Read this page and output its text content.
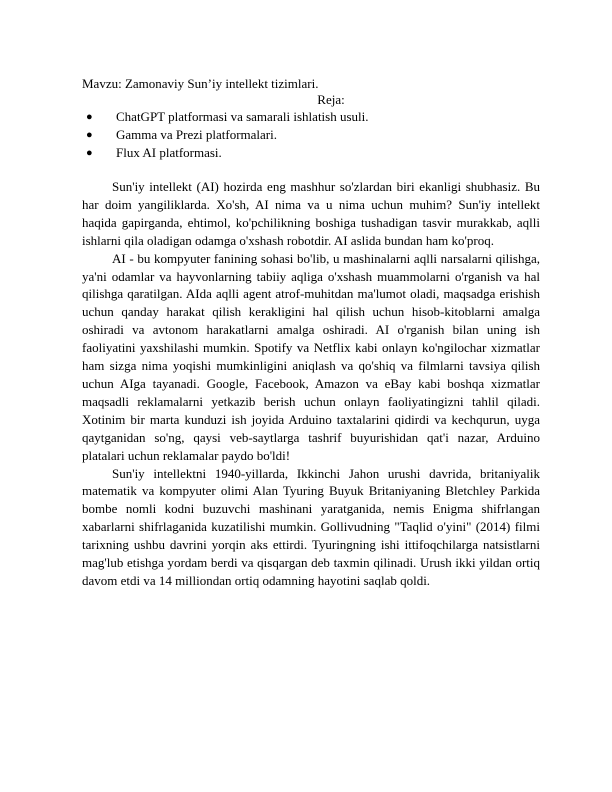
Mavzu: Zamonaviy Sun’iy intellekt tizimlari.

Reja:

● ChatGPT platformasi va samarali ishlatish usuli.
● Gamma va Prezi platformalari.
● Flux AI platformasi.

Sun'iy intellekt (AI) hozirda eng mashhur so'zlardan biri ekanligi shubhasiz. Bu har doim yangiliklarda. Xo'sh, AI nima va u nima uchun muhim? Sun'iy intellekt haqida gapirganda, ehtimol, ko'pchilikning boshiga tushadigan tasvir murakkab, aqlli ishlarni qila oladigan odamga o'xshash robotdir. AI aslida bundan ham ko'proq.

AI - bu kompyuter fanining sohasi bo'lib, u mashinalarni aqlli narsalarni qilishga, ya'ni odamlar va hayvonlarning tabiiy aqliga o'xshash muammolarni o'rganish va hal qilishga qaratilgan. AIda aqlli agent atrof-muhitdan ma'lumot oladi, maqsadga erishish uchun qanday harakat qilish kerakligini hal qilish uchun hisob-kitoblarni amalga oshiradi va avtonom harakatlarni amalga oshiradi. AI o'rganish bilan uning ish faoliyatini yaxshilashi mumkin. Spotify va Netflix kabi onlayn ko'ngilochar xizmatlar ham sizga nima yoqishi mumkinligini aniqlash va qo'shiq va filmlarni tavsiya qilish uchun AIga tayanadi. Google, Facebook, Amazon va eBay kabi boshqa xizmatlar maqsadli reklamalarni yetkazib berish uchun onlayn faoliyatingizni tahlil qiladi. Xotinim bir marta kunduzi ish joyida Arduino taxtalarini qidirdi va kechqurun, uyga qaytganidan so'ng, qaysi veb-saytlarga tashrif buyurishidan qat'i nazar, Arduino platalari uchun reklamalar paydo bo'ldi!

Sun'iy intellektni 1940-yillarda, Ikkinchi Jahon urushi davrida, britaniyalik matematik va kompyuter olimi Alan Tyuring Buyuk Britaniyaning Bletchley Parkida bombe nomli kodni buzuvchi mashinani yaratganida, nemis Enigma shifrlangan xabarlarni shifrlaganida kuzatilishi mumkin. Gollivudning "Taqlid o'yini" (2014) filmi tarixning ushbu davrini yorqin aks ettirdi. Tyuringning ishi ittifoqchilarga natsistlarni mag'lub etishga yordam berdi va qisqargan deb taxmin qilinadi. Urush ikki yildan ortiq davom etdi va 14 milliondan ortiq odamning hayotini saqlab qoldi.
